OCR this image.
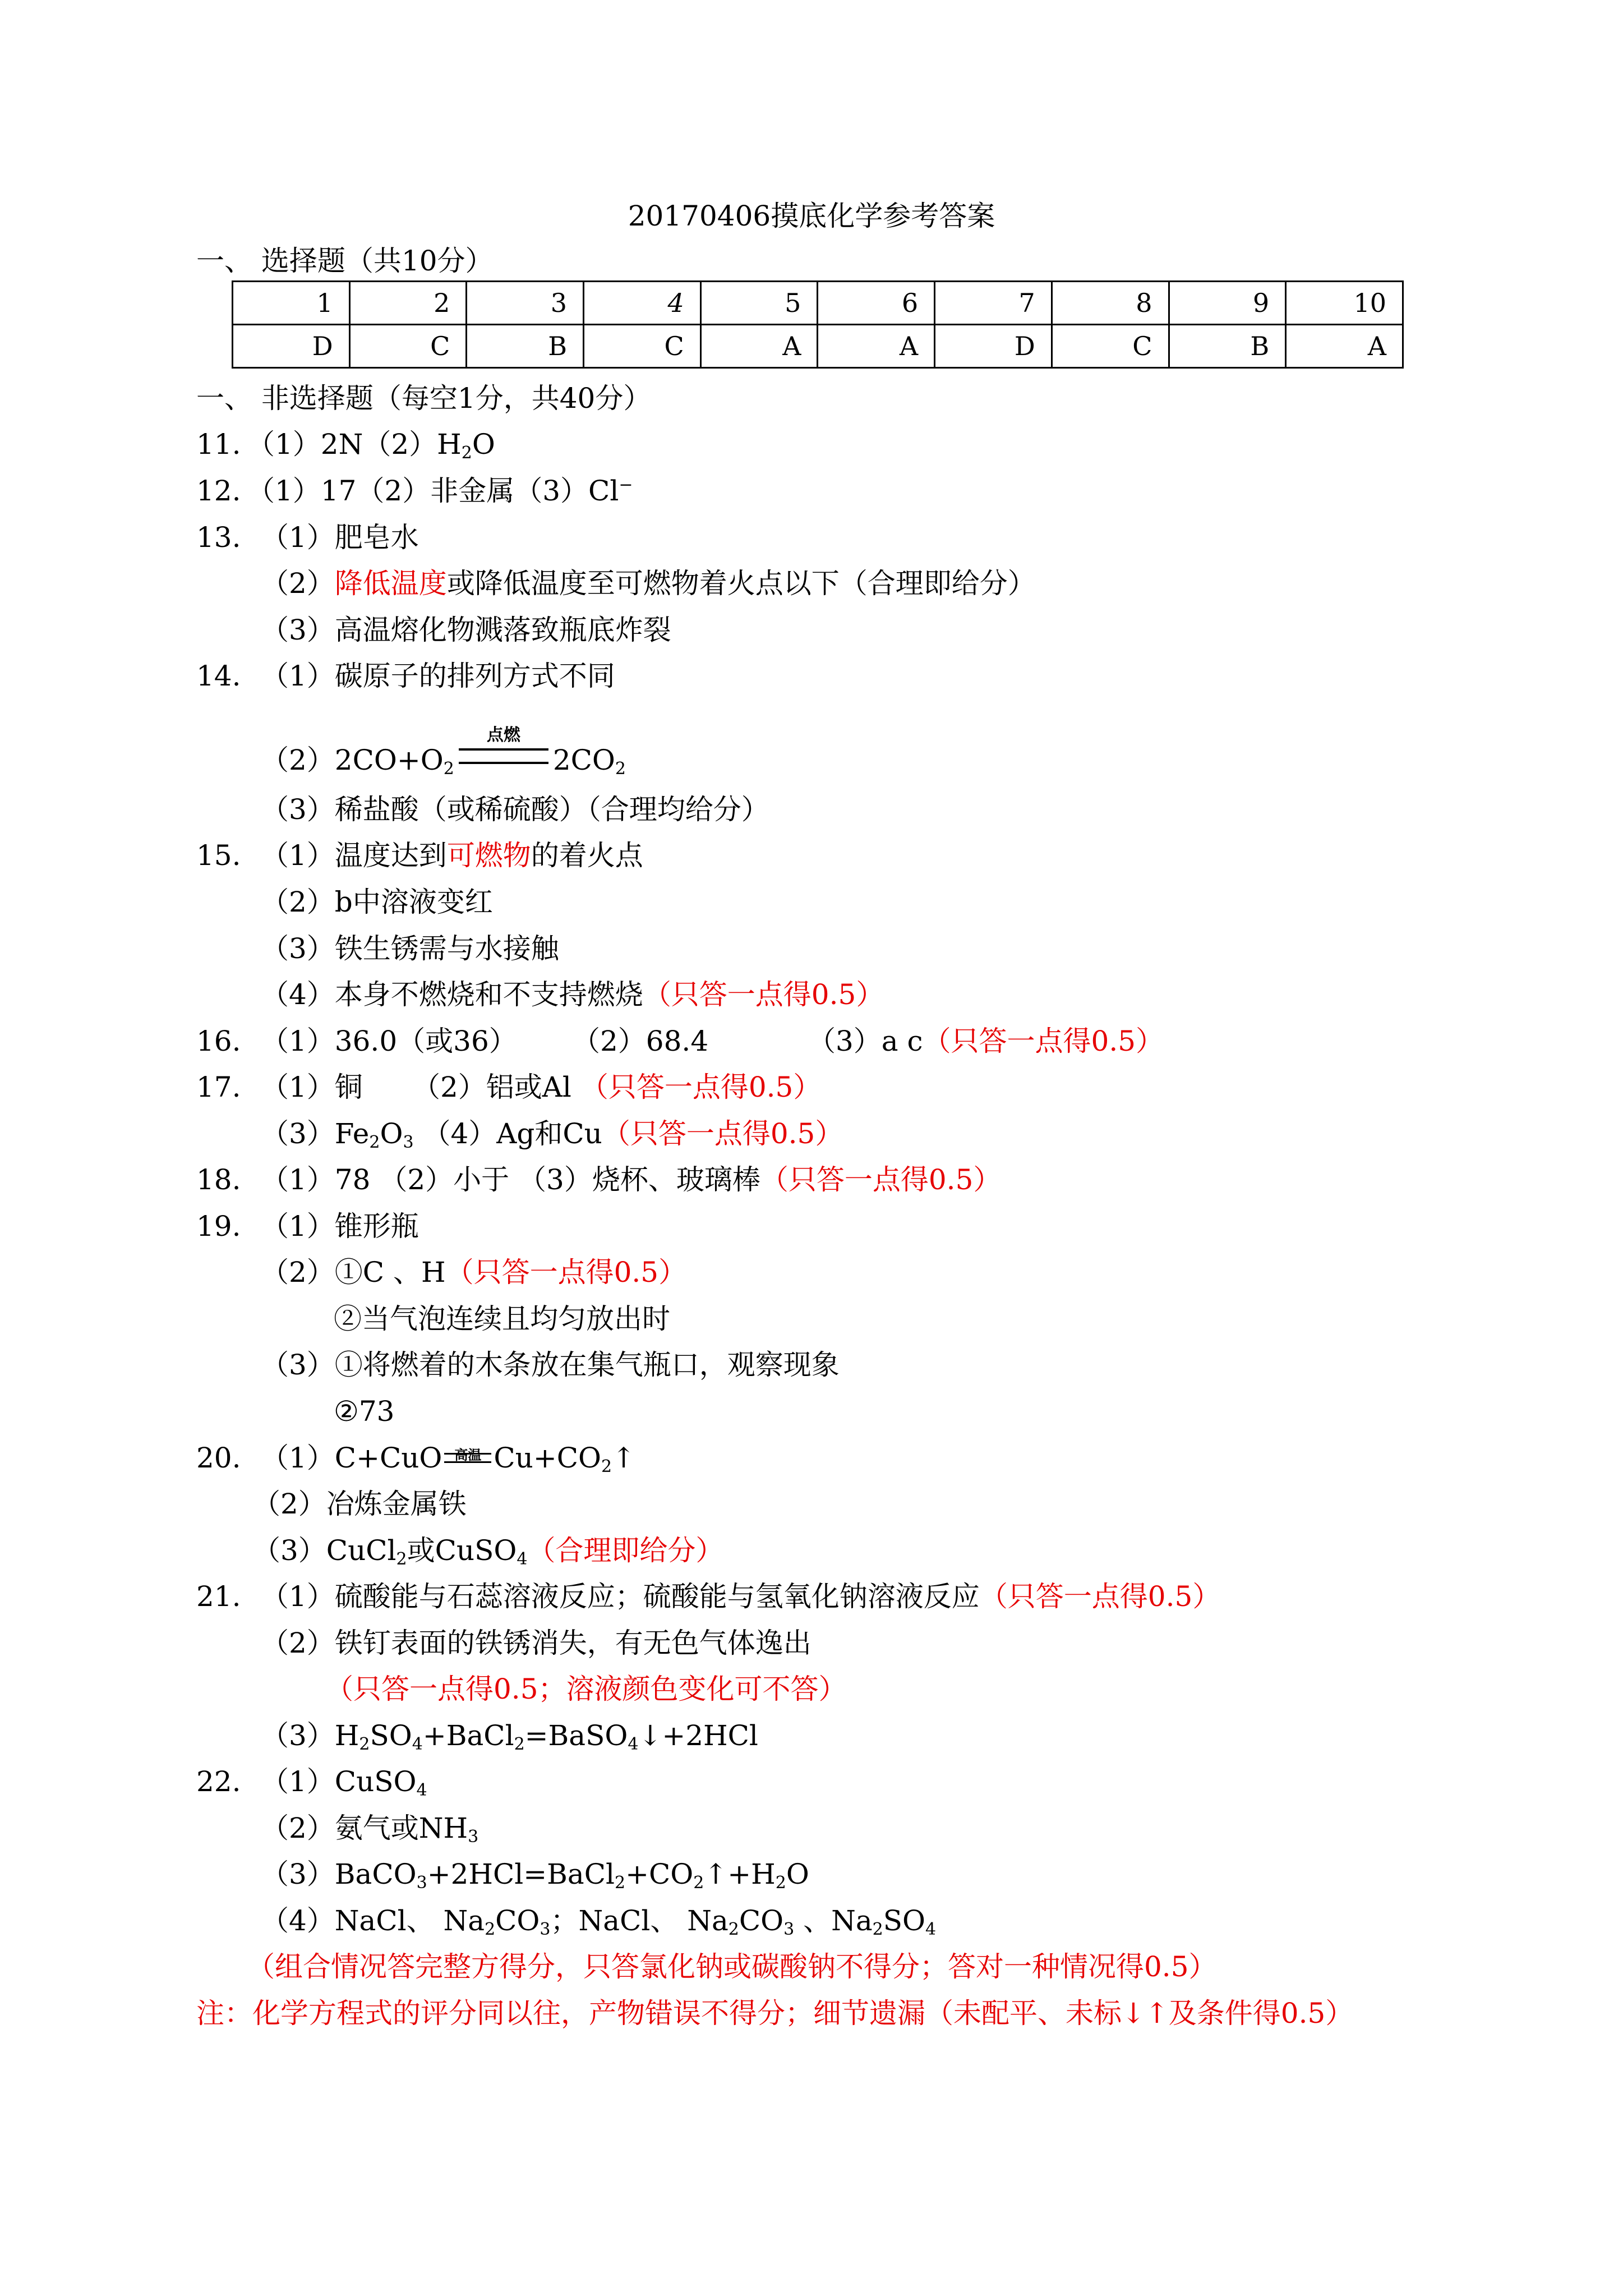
20170406摸底化学参考答案
一、 选择题（共10分）
1	2	3	4	5	6	7	8	9	10

D	C	B	C	A	A	D	C	B	A
一、 非选择题（每空1分，共40分）
11. $(1)2N(2)H_2O$
12. （1）17（2）非金属（3）Cl−
13. （1）肥皂水
（2）降低温度或降低温度至可燃物着火点以下（合理即给分）
（3）高温熔化物溅落致瓶底炸裂
14. （1）碳原子的排列方式不同
$(2)2CO+O_2$
点燃
$2CO_2$
（3）稀盐酸（或稀硫酸）（合理均给分）
15. （1）温度达到可燃物的着火点
（2）b中溶液变红
（3）铁生锈需与水接触
（4）本身不燃烧和不支持燃烧（只答一点得0.5）
16. （1）36.0（或36） （2）68.4	（3）a c（只答一点得0.5）
17. （1）铜 （2）铝或Al （只答一点得0.5）
$(3)Fe_2O_3$ （4）Ag和Cu（只答一点得0.5）
18. （1）78 （2）小于 （3）烧杯、玻璃棒（只答一点得0.5）
19. （1）锥形瓶
（2）①C 、H（只答一点得0.5）
②当气泡连续且均匀放出时
（3）①将燃着的木条放在集气瓶口，观察现象
②73
20. （1）C+CuO 高温 $Cu+CO_2↑$
（2）冶炼金属铁
（3）CuCl$_2$或CuSO$_4$（合理即给分）
21. （1）硫酸能与石蕊溶液反应；硫酸能与氢氧化钠溶液反应（只答一点得0.5）
（2）铁钉表面的铁锈消失，有无色气体逸出
（只答一点得0.5；溶液颜色变化可不答）
$(3)H_2SO_4+BaCl_2=BaSO_4↓+2HCl$
22. （1）CuSO$_4$
（2）氨气或$NH_3$
$(3)BaCO_3+2HCl=BaCl_2+CO_2↑+H_2O$
（4）NaCl、 $Na_2CO_3$；NaCl、 $Na_2CO_3$ 、$Na_2SO_4$
（组合情况答完整方得分，只答氯化钠或碳酸钠不得分；答对一种情况得0.5）
注：化学方程式的评分同以往，产物错误不得分；细节遗漏（未配平、未标↓↑及条件得0.5）
